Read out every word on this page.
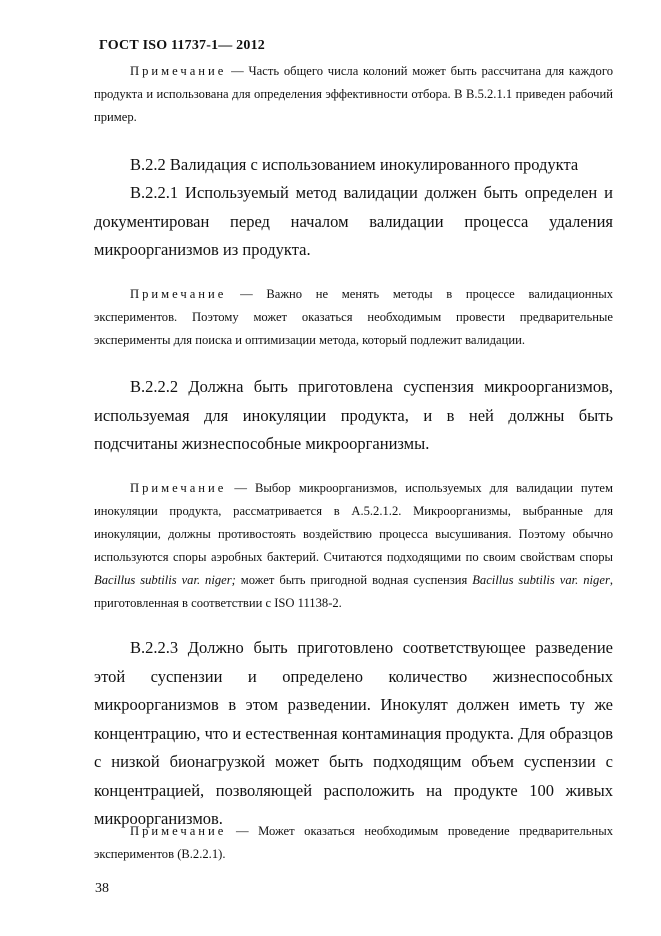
ГОСТ ISO 11737-1— 2012
Примечание — Часть общего числа колоний может быть рассчитана для каждого продукта и использована для определения эффективности отбора. В B.5.2.1.1 приведен рабочий пример.
B.2.2 Валидация с использованием инокулированного продукта
B.2.2.1 Используемый метод валидации должен быть определен и документирован перед началом валидации процесса удаления микроорганизмов из продукта.
Примечание — Важно не менять методы в процессе валидационных экспериментов. Поэтому может оказаться необходимым провести предварительные эксперименты для поиска и оптимизации метода, который подлежит валидации.
B.2.2.2 Должна быть приготовлена суспензия микроорганизмов, используемая для инокуляции продукта, и в ней должны быть подсчитаны жизнеспособные микроорганизмы.
Примечание — Выбор микроорганизмов, используемых для валидации путем инокуляции продукта, рассматривается в A.5.2.1.2. Микроорганизмы, выбранные для инокуляции, должны противостоять воздействию процесса высушивания. Поэтому обычно используются споры аэробных бактерий. Считаются подходящими по своим свойствам споры Bacillus subtilis var. niger; может быть пригодной водная суспензия Bacillus subtilis var. niger, приготовленная в соответствии с ISO 11138-2.
B.2.2.3 Должно быть приготовлено соответствующее разведение этой суспензии и определено количество жизнеспособных микроорганизмов в этом разведении. Инокулят должен иметь ту же концентрацию, что и естественная контаминация продукта. Для образцов с низкой бионагрузкой может быть подходящим объем суспензии с концентрацией, позволяющей расположить на продукте 100 живых микроорганизмов.
Примечание — Может оказаться необходимым проведение предварительных экспериментов (B.2.2.1).
38
